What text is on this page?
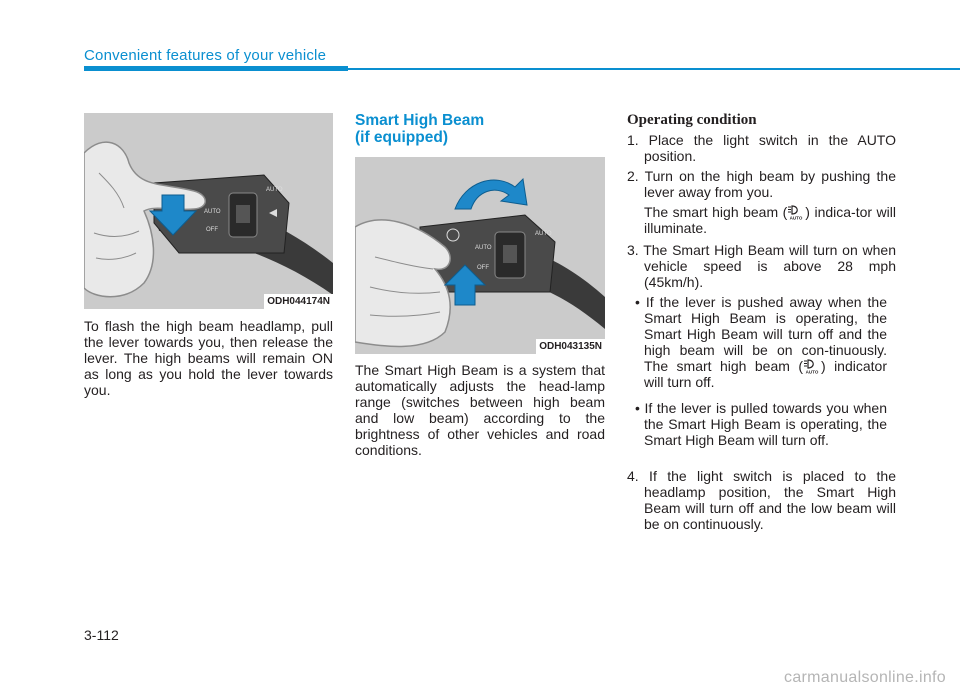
Convenient features of your vehicle
AUTO
OFF
AUTO
ODH044174N
To flash the high beam headlamp, pull the lever towards you, then release the lever. The high beams will remain ON as long as you hold the lever towards you.
Smart High Beam
(if equipped)
AUTO
OFF
AUTO
ODH043135N
The Smart High Beam is a system that automatically adjusts the head-lamp range (switches between high beam and low beam) according to the brightness of other vehicles and road conditions.
Operating condition
1. Place the light switch in the AUTO position.
2. Turn on the high beam by pushing the lever away from you.
The smart high beam ( AUTO ) indica-tor will illuminate.
3. The Smart High Beam will turn on when vehicle speed is above 28 mph (45km/h).
• If the lever is pushed away when the Smart High Beam is operating, the Smart High Beam will turn off and the high beam will be on con-tinuously. The smart high beam ( AUTO ) indicator will turn off.
• If the lever is pulled towards you when the Smart High Beam is operating, the Smart High Beam will turn off.
4. If the light switch is placed to the headlamp position, the Smart High Beam will turn off and the low beam will be on continuously.
3-112
carmanualsonline.info
